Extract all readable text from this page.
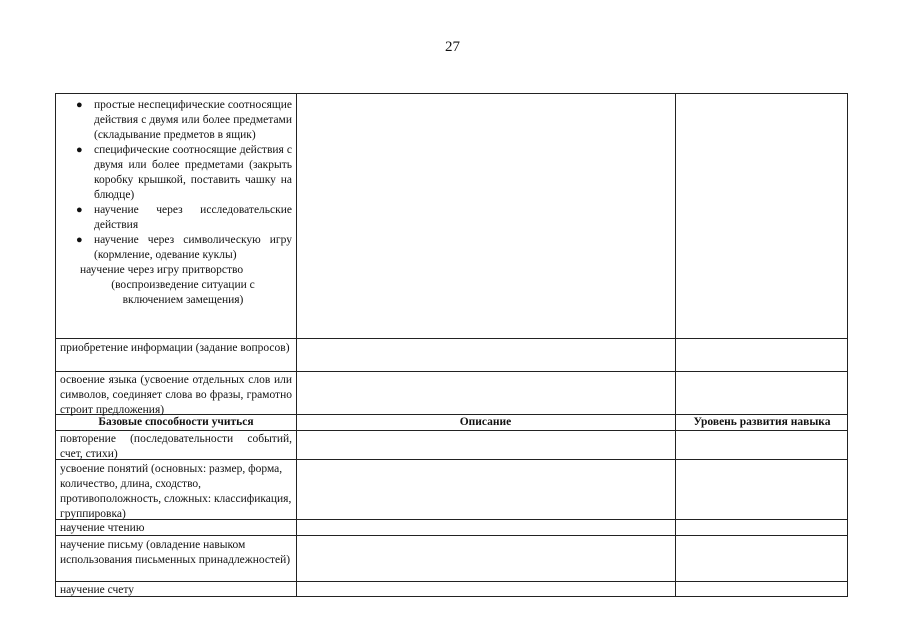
27
● простые неспецифические соотносящие действия с двумя или более предметами (складывание предметов в ящик)
● специфические соотносящие действия с двумя или более предметами (закрыть коробку крышкой, поставить чашку на блюдце)
● научение через исследовательские действия
● научение через символическую игру (кормление, одевание куклы)
научение через игру притворство
(воспроизведение ситуации с включением замещения)
приобретение информации (задание вопросов)
освоение языка (усвоение отдельных слов или символов, соединяет слова во фразы, грамотно строит предложения)
Базовые способности учиться	Описание	Уровень развития навыка
повторение (последовательности событий, счет, стихи)
усвоение понятий (основных: размер, форма, количество, длина, сходство, противоположность, сложных: классификация, группировка)
научение чтению
научение письму (овладение навыком использования письменных принадлежностей)
научение счету
